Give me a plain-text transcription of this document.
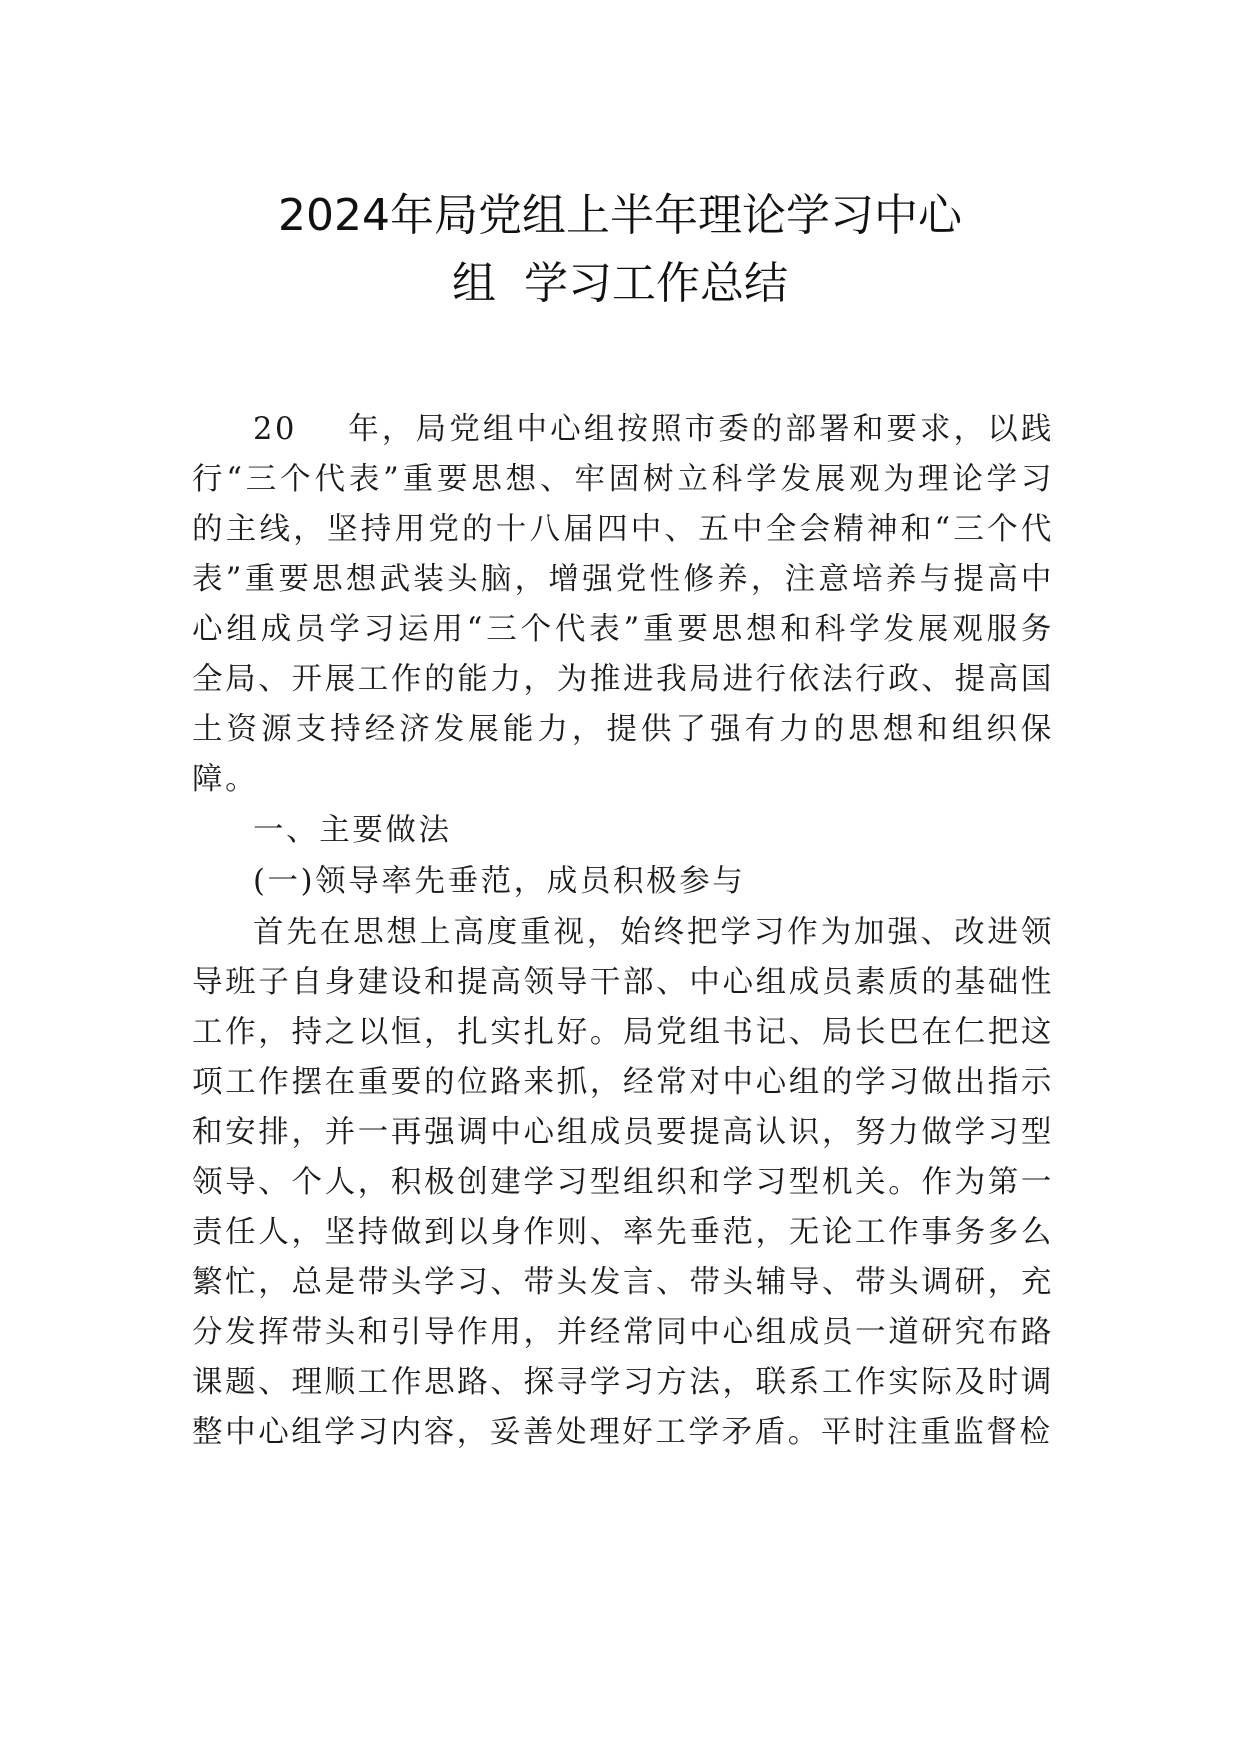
2024年局党组上半年理论学习中心
组  学习工作总结

20    年，局党组中心组按照市委的部署和要求，以践行“三个代表”重要思想、牢固树立科学发展观为理论学习的主线，坚持用党的十八届四中、五中全会精神和“三个代表”重要思想武装头脑，增强党性修养，注意培养与提高中心组成员学习运用“三个代表”重要思想和科学发展观服务全局、开展工作的能力，为推进我局进行依法行政、提高国土资源支持经济发展能力，提供了强有力的思想和组织保障。

一、主要做法

(一)领导率先垂范，成员积极参与

首先在思想上高度重视，始终把学习作为加强、改进领导班子自身建设和提高领导干部、中心组成员素质的基础性工作，持之以恒，扎实扎好。局党组书记、局长巴在仁把这项工作摆在重要的位路来抓，经常对中心组的学习做出指示和安排，并一再强调中心组成员要提高认识，努力做学习型领导、个人，积极创建学习型组织和学习型机关。作为第一责任人，坚持做到以身作则、率先垂范，无论工作事务多么繁忙，总是带头学习、带头发言、带头辅导、带头调研，充分发挥带头和引导作用，并经常同中心组成员一道研究布路课题、理顺工作思路、探寻学习方法，联系工作实际及时调整中心组学习内容，妥善处理好工学矛盾。平时注重监督检
